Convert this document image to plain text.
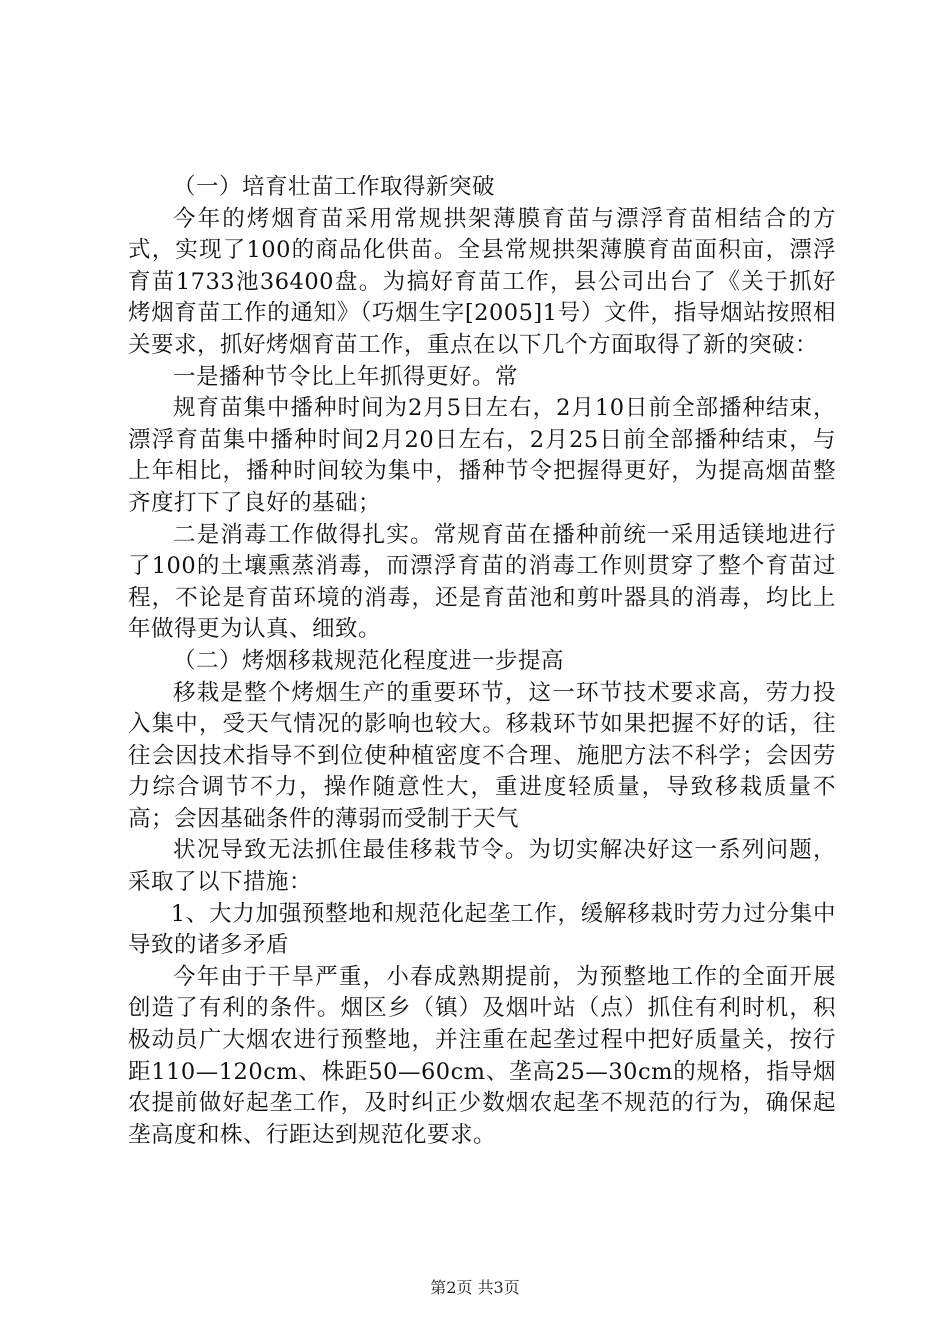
（一）培育壮苗工作取得新突破

今年的烤烟育苗采用常规拱架薄膜育苗与漂浮育苗相结合的方式，实现了100的商品化供苗。全县常规拱架薄膜育苗面积亩，漂浮育苗1733池36400盘。为搞好育苗工作，县公司出台了《关于抓好烤烟育苗工作的通知》（巧烟生字[2005]1号）文件，指导烟站按照相关要求，抓好烤烟育苗工作，重点在以下几个方面取得了新的突破：

一是播种节令比上年抓得更好。常

规育苗集中播种时间为2月5日左右，2月10日前全部播种结束，漂浮育苗集中播种时间2月20日左右，2月25日前全部播种结束，与上年相比，播种时间较为集中，播种节令把握得更好，为提高烟苗整齐度打下了良好的基础；

二是消毒工作做得扎实。常规育苗在播种前统一采用适镁地进行了100的土壤熏蒸消毒，而漂浮育苗的消毒工作则贯穿了整个育苗过程，不论是育苗环境的消毒，还是育苗池和剪叶器具的消毒，均比上年做得更为认真、细致。

（二）烤烟移栽规范化程度进一步提高

移栽是整个烤烟生产的重要环节，这一环节技术要求高，劳力投入集中，受天气情况的影响也较大。移栽环节如果把握不好的话，往往会因技术指导不到位使种植密度不合理、施肥方法不科学；会因劳力综合调节不力，操作随意性大，重进度轻质量，导致移栽质量不高；会因基础条件的薄弱而受制于天气

状况导致无法抓住最佳移栽节令。为切实解决好这一系列问题，采取了以下措施：

1、大力加强预整地和规范化起垄工作，缓解移栽时劳力过分集中导致的诸多矛盾

今年由于干旱严重，小春成熟期提前，为预整地工作的全面开展创造了有利的条件。烟区乡（镇）及烟叶站（点）抓住有利时机，积极动员广大烟农进行预整地，并注重在起垄过程中把好质量关，按行距110—120cm、株距50—60cm、垄高25—30cm的规格，指导烟农提前做好起垄工作，及时纠正少数烟农起垄不规范的行为，确保起垄高度和株、行距达到规范化要求。

第2页 共3页
